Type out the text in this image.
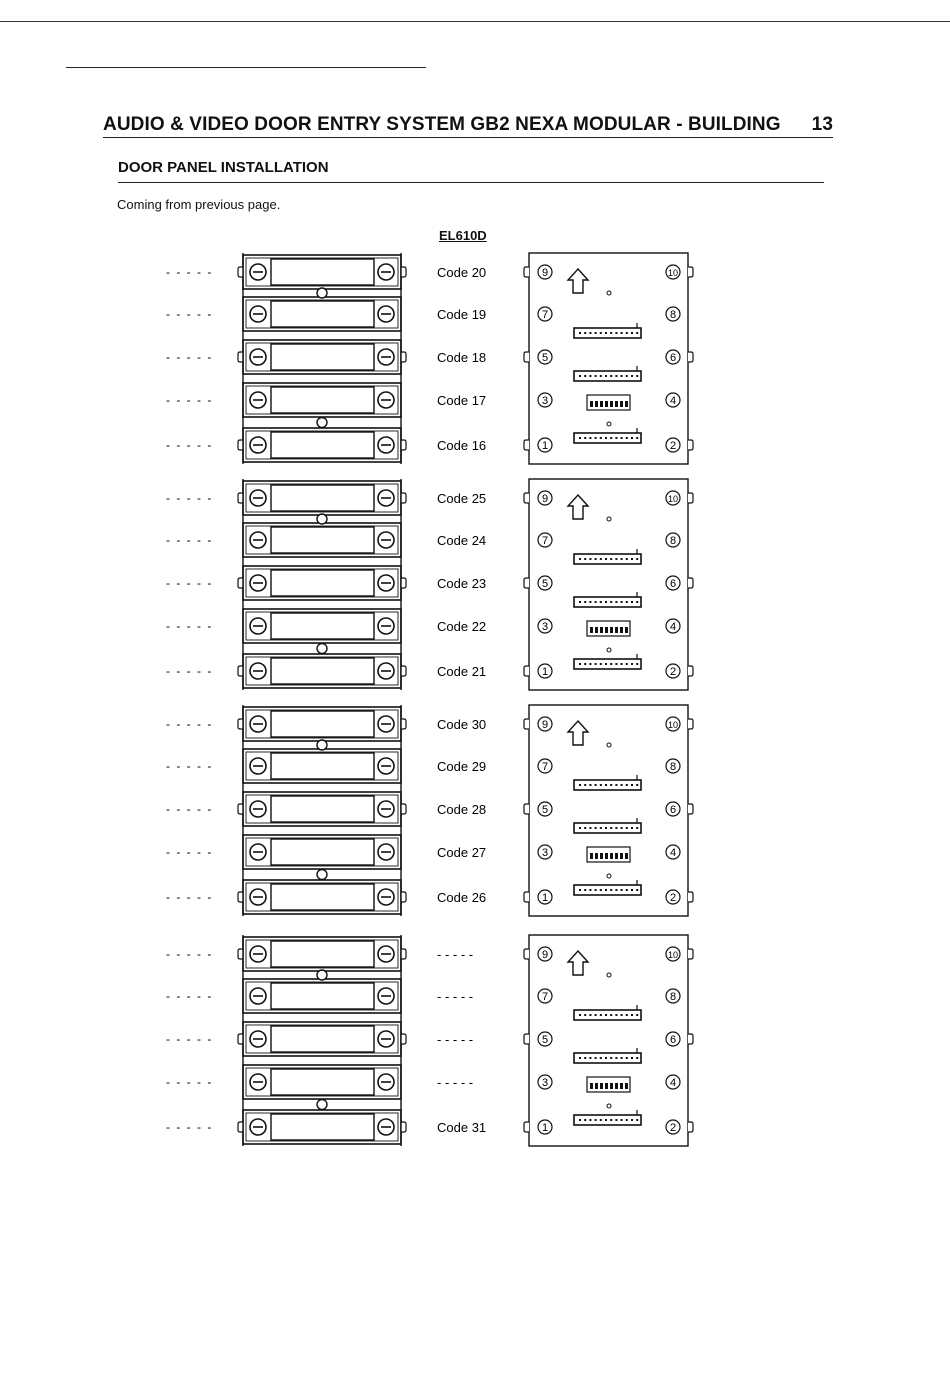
AUDIO & VIDEO DOOR ENTRY SYSTEM GB2 NEXA MODULAR - BUILDING 13
DOOR PANEL INSTALLATION
Coming from previous page.
EL610D
- - - - -	Code 20
- - - - -	Code 19
- - - - -	Code 18
- - - - -	Code 17
- - - - -	Code 16
9	10
7	8
5	6
3	4
1	2
- - - - -	Code 25
- - - - -	Code 24
- - - - -	Code 23
- - - - -	Code 22
- - - - -	Code 21
9	10
7	8
5	6
3	4
1	2
- - - - -	Code 30
- - - - -	Code 29
- - - - -	Code 28
- - - - -	Code 27
- - - - -	Code 26
9	10
7	8
5	6
3	4
1	2
- - - - -	- - - - -
- - - - -	- - - - -
- - - - -	- - - - -
- - - - -	- - - - -
- - - - -	Code 31
9	10
7	8
5	6
3	4
1	2
